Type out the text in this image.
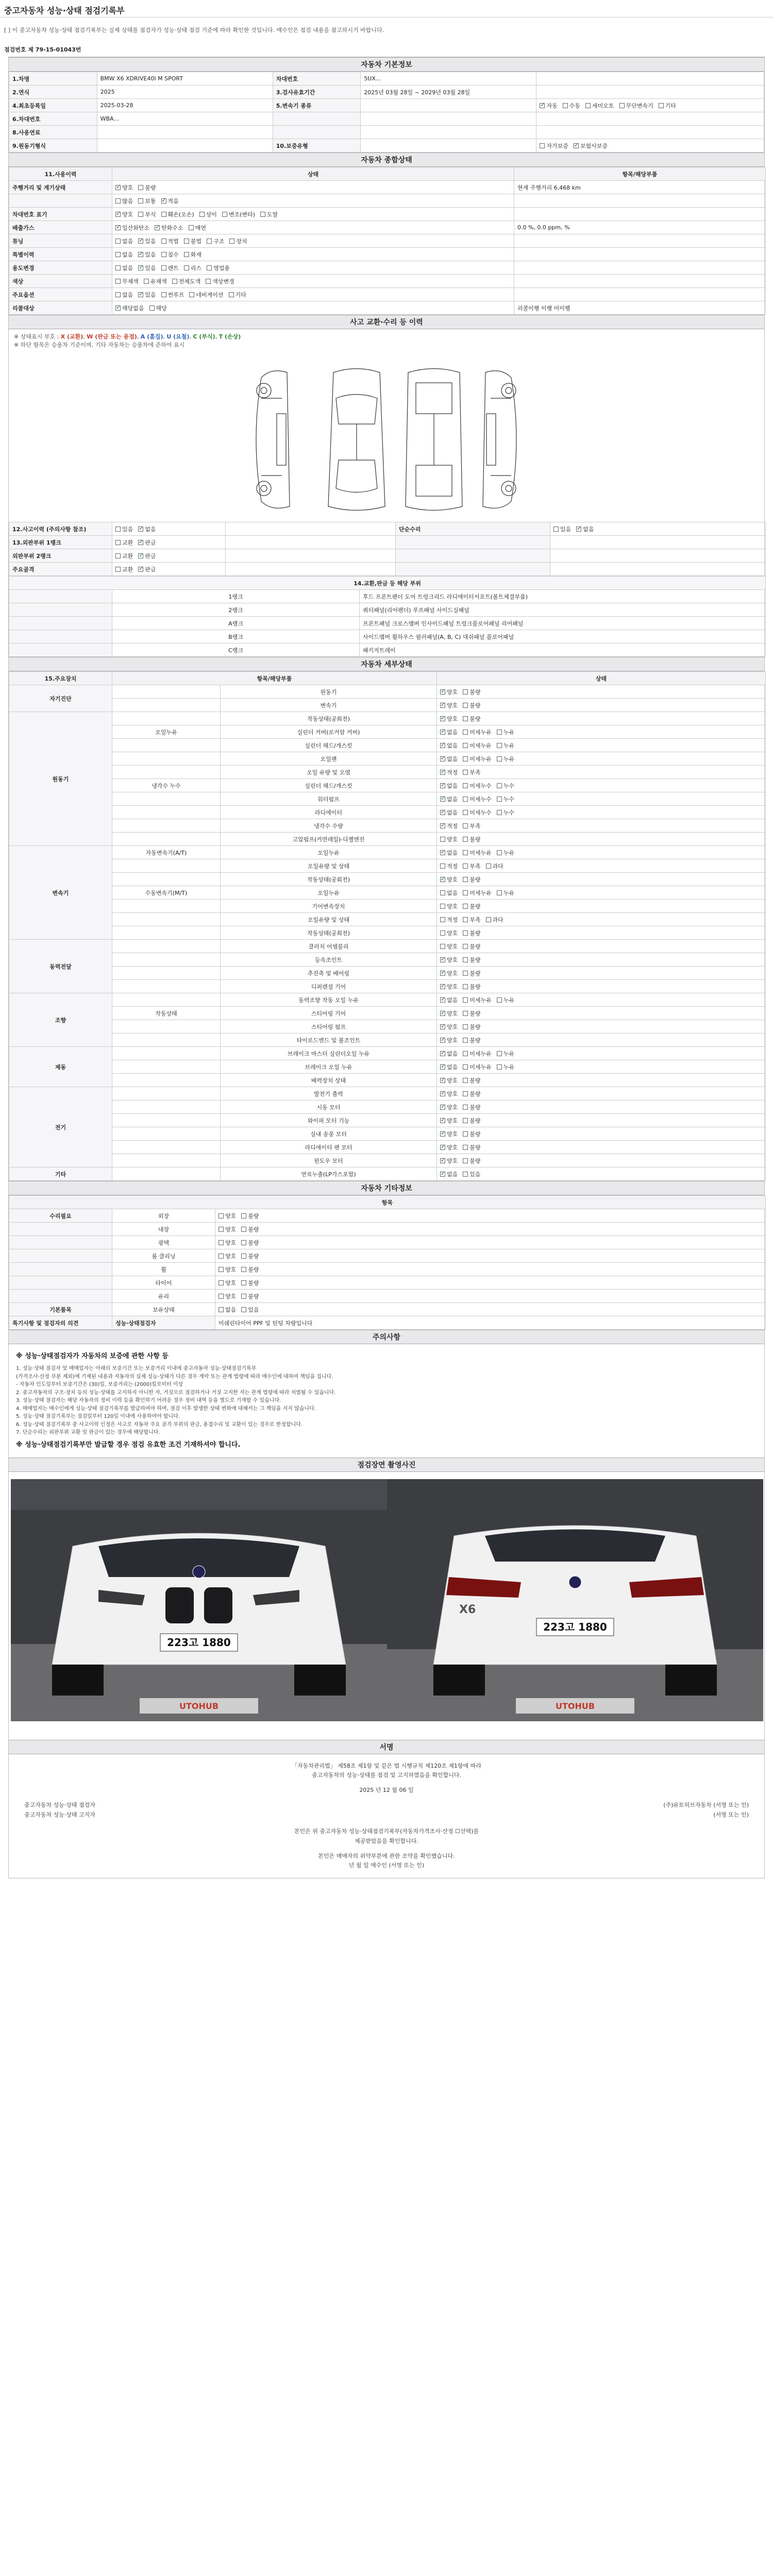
중고자동차 성능·상태 점검기록부
[ ] 이 중고자동차 성능·상태 점검기록부는 실제 상태를 점검자가 성능·상태 점검 기준에 따라 확인한 것입니다. 매수인은 점검 내용을 참고하시기 바랍니다.
점검번호 제 79-15-01043번
자동차 기본정보
1.차명	BMW X6 XDRIVE40I M SPORT	차대번호	5UX...	
2.연식	2025	3.검사유효기간	2025년 03월 28일 ~ 2029년 03월 28일	
4.최초등록일	2025-03-28	5.변속기 종류		✓자동 수동 세미오토 무단변속기 기타
6.차대번호	WBA...			
8.사용연료				
9.원동기형식		10.보증유형		자가보증 ✓ 보험사보증
자동차 종합상태
11.사용이력	상태	항목/해당부품
주행거리 및 계기상태	✓양호 불량	현재 주행거리 6,468 km
	많음 보통 ✓ 적음	
차대번호 표기	✓양호 부식 훼손(오손) 상이 변조(변타) 도말	
배출가스	✓일산화탄소 ✓ 탄화수소 매연	0.0 %, 0.0 ppm, %
튜닝	없음 ✓ 있음 적법 불법 구조 장치	
특별이력	없음 ✓ 있음 침수 화재	
용도변경	없음 ✓ 있음 렌트 리스 영업용	
색상	무채색 유채색 전체도색 색상변경	
주요옵션	없음 ✓ 있음 썬루프 네비게이션 기타	
리콜대상	✓해당없음 해당	리콜이행 이행 미이행
사고 교환·수리 등 이력
※ 상태표시 부호 : X (교환), W (판금 또는 용접), A (흠집), U (요철), C (부식), T (손상)
※ 하단 항목은 승용차 기준이며, 기타 자동차는 승용차에 준하여 표시
12.사고이력 (주의사항 참조)	있음 ✓ 없음		단순수리	있음 ✓ 없음
13.외판부위 1랭크	교환 ✓ 판금			
외판부위 2랭크	교환 ✓ 판금			
주요골격	교환 ✓ 판금			
14.교환,판금 등 해당 부위		
	1랭크	후드 프론트펜더 도어 트렁크리드 라디에이터서포트(볼트체결부품)
	2랭크	쿼터패널(리어펜더) 루프패널 사이드실패널
	A랭크	프론트패널 크로스멤버 인사이드패널 트렁크플로어패널 리어패널
	B랭크	사이드멤버 휠하우스 필러패널(A, B, C) 대쉬패널 플로어패널
	C랭크	패키지트레이
자동차 세부상태
15.주요장치	항목/해당부품		상태
자기진단		원동기	✓양호 불량
		변속기	✓양호 불량
원동기		작동상태(공회전)	✓양호 불량
	오일누유	실린더 커버(로커암 커버)	✓없음 미세누유 누유
		실린더 헤드/개스킷	✓없음 미세누유 누유
		오일팬	✓없음 미세누유 누유
		오일 유량 및 오염	✓적정 부족
	냉각수 누수	실린더 헤드/개스킷	✓없음 미세누수 누수
		워터펌프	✓없음 미세누수 누수
		라디에이터	✓없음 미세누수 누수
		냉각수 수량	✓적정 부족
		고압펌프(커먼레일)-디젤엔진	양호 불량
변속기	자동변속기(A/T)	오일누유	✓없음 미세누유 누유
		오일유량 및 상태	적정 부족 과다
		작동상태(공회전)	✓양호 불량
	수동변속기(M/T)	오일누유	없음 미세누유 누유
		기어변속장치	양호 불량
		오일유량 및 상태	적정 부족 과다
		작동상태(공회전)	양호 불량
동력전달		클러치 어셈블리	양호 불량
		등속조인트	✓양호 불량
		추진축 및 베어링	✓양호 불량
		디퍼렌셜 기어	✓양호 불량
조향		동력조향 작동 오일 누유	✓없음 미세누유 누유
	작동상태	스티어링 기어	✓양호 불량
		스티어링 펌프	✓양호 불량
		타이로드엔드 및 볼조인트	✓양호 불량
제동		브레이크 마스터 실린더오일 누유	✓없음 미세누유 누유
		브레이크 오일 누유	✓없음 미세누유 누유
		배력장치 상태	✓양호 불량
전기		발전기 출력	✓양호 불량
		시동 모터	✓양호 불량
		와이퍼 모터 기능	✓양호 불량
		실내 송풍 모터	✓양호 불량
		라디에이터 팬 모터	✓양호 불량
		윈도우 모터	✓양호 불량
기타		연료누출(LP가스포함)	✓없음 있음
자동차 기타정보
항목		
수리필요	외장	양호 불량
	내장	양호 불량
	광택	양호 불량
	룸 클리닝	양호 불량
	휠	양호 불량
	타이어	양호 불량
	유리	양호 불량
기본품목	보유상태	없음 있음
특기사항 및 점검자의 의견	성능·상태점검자	미쉐린타이어 PPF 및 틴팅 차량입니다
주의사항
※ 성능·상태점검자가 자동차의 보증에 관한 사항 등
1. 성능·상태 점검자 및 매매업자는 아래의 보증기간 또는 보증거리 이내에 중고자동차 성능·상태점검기록부
(가격조사·산정 부분 제외)에 기재된 내용과 자동차의 실제 성능·상태가 다른 경우 계약 또는 관계 법령에 따라 매수인에 대하여 책임을 집니다.
- 자동차 인도일부터 보증기간은 (30)일, 보증거리는 (2000)킬로미터 이상
2. 중고자동차의 구조·장치 등의 성능·상태를 고지하지 아니한 자, 거짓으로 점검하거나 거짓 고지한 자는 관계 법령에 따라 처벌될 수 있습니다.
3. 성능·상태 점검자는 해당 자동차의 정비 이력 등을 확인하기 어려운 경우 정비 내역 등을 별도로 기재할 수 있습니다.
4. 매매업자는 매수인에게 성능·상태 점검기록부를 발급하여야 하며, 점검 이후 발생한 상태 변화에 대해서는 그 책임을 지지 않습니다.
5. 성능·상태 점검기록부는 점검일부터 120일 이내에 사용하여야 합니다.
6. 성능·상태 점검기록부 중 사고이력 인정은 사고로 자동차 주요 골격 부위의 판금, 용접수리 및 교환이 있는 경우로 한정합니다.
7. 단순수리는 외판부위 교환 및 판금이 있는 경우에 해당합니다.
※ 성능·상태점검기록부만 발급할 경우 점검 유효한 조건 기재하셔야 합니다.
점검장면 촬영사진
223고 1880
UTOHUB
X6
223고 1880
UTOHUB
서명
「자동차관리법」 제58조 제1항 및 같은 법 시행규칙 제120조 제1항에 따라
중고자동차의 성능·상태를 점검 및 고지하였음을 확인합니다.
2025 년 12 월 06 일
중고자동차 성능·상태 점검자	(주)유토허브자동차 (서명 또는 인)
중고자동차 성능·상태 고지자	(서명 또는 인)
본인은 위 중고자동차 성능·상태점검기록부(자동차가격조사·산정 ☐선택)를
제공받았음을 확인합니다.
본인은 매매자의 위약부분에 관한 조약을 확인했습니다.
년 월 일 매수인 (서명 또는 인)
